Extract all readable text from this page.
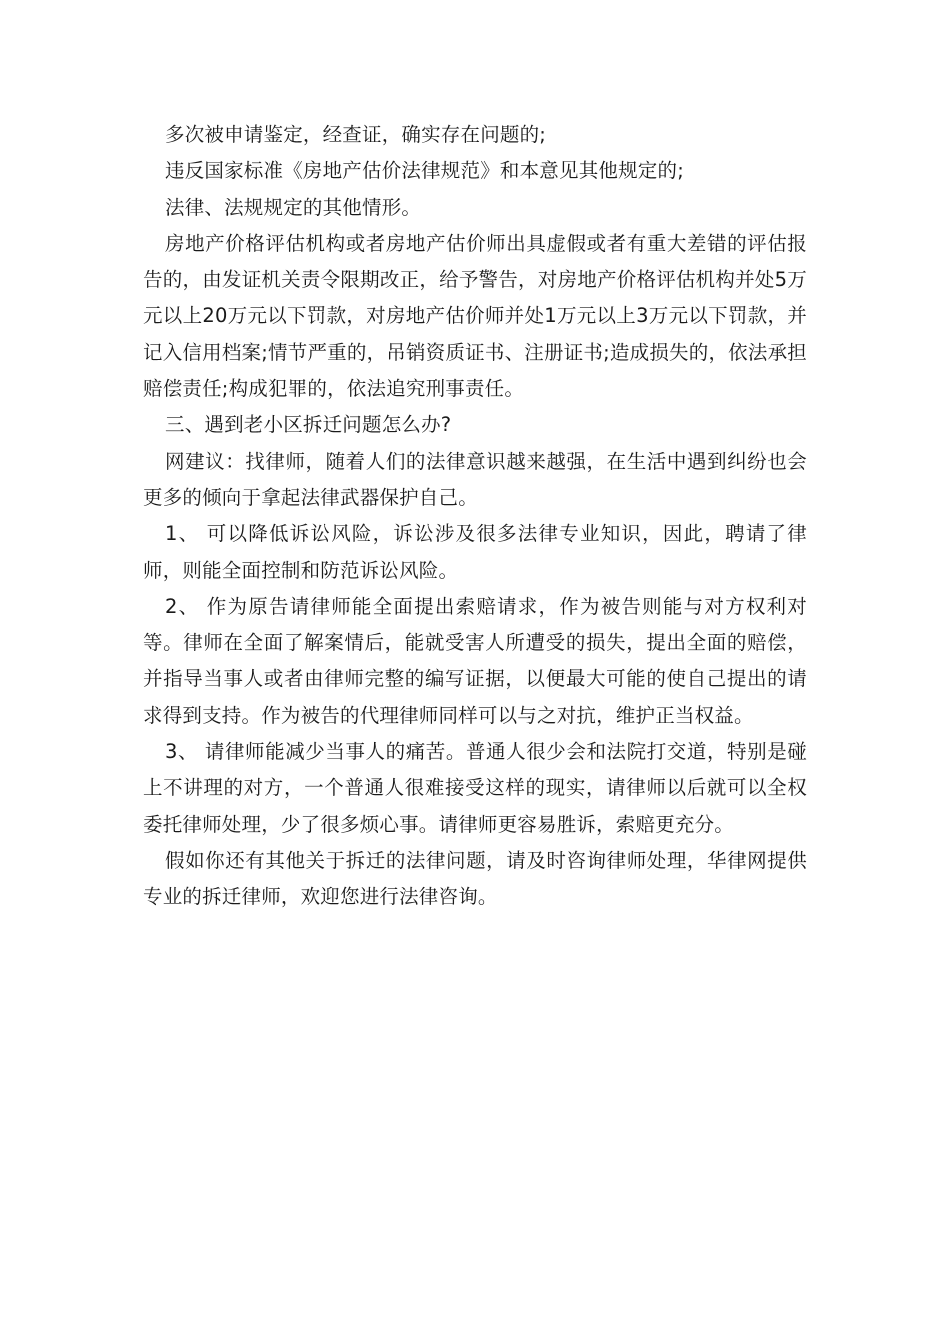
多次被申请鉴定，经查证，确实存在问题的;

违反国家标准《房地产估价法律规范》和本意见其他规定的;

法律、法规规定的其他情形。

房地产价格评估机构或者房地产估价师出具虚假或者有重大差错的评估报告的，由发证机关责令限期改正，给予警告，对房地产价格评估机构并处5万元以上20万元以下罚款，对房地产估价师并处1万元以上3万元以下罚款，并记入信用档案;情节严重的，吊销资质证书、注册证书;造成损失的，依法承担赔偿责任;构成犯罪的，依法追究刑事责任。

三、遇到老小区拆迁问题怎么办?

网建议：找律师，随着人们的法律意识越来越强，在生活中遇到纠纷也会更多的倾向于拿起法律武器保护自己。

1、 可以降低诉讼风险，诉讼涉及很多法律专业知识，因此，聘请了律师，则能全面控制和防范诉讼风险。

2、 作为原告请律师能全面提出索赔请求，作为被告则能与对方权利对等。律师在全面了解案情后，能就受害人所遭受的损失，提出全面的赔偿，并指导当事人或者由律师完整的编写证据，以便最大可能的使自己提出的请求得到支持。作为被告的代理律师同样可以与之对抗，维护正当权益。

3、 请律师能减少当事人的痛苦。普通人很少会和法院打交道，特别是碰上不讲理的对方，一个普通人很难接受这样的现实，请律师以后就可以全权委托律师处理，少了很多烦心事。请律师更容易胜诉，索赔更充分。

假如你还有其他关于拆迁的法律问题，请及时咨询律师处理，华律网提供专业的拆迁律师，欢迎您进行法律咨询。
